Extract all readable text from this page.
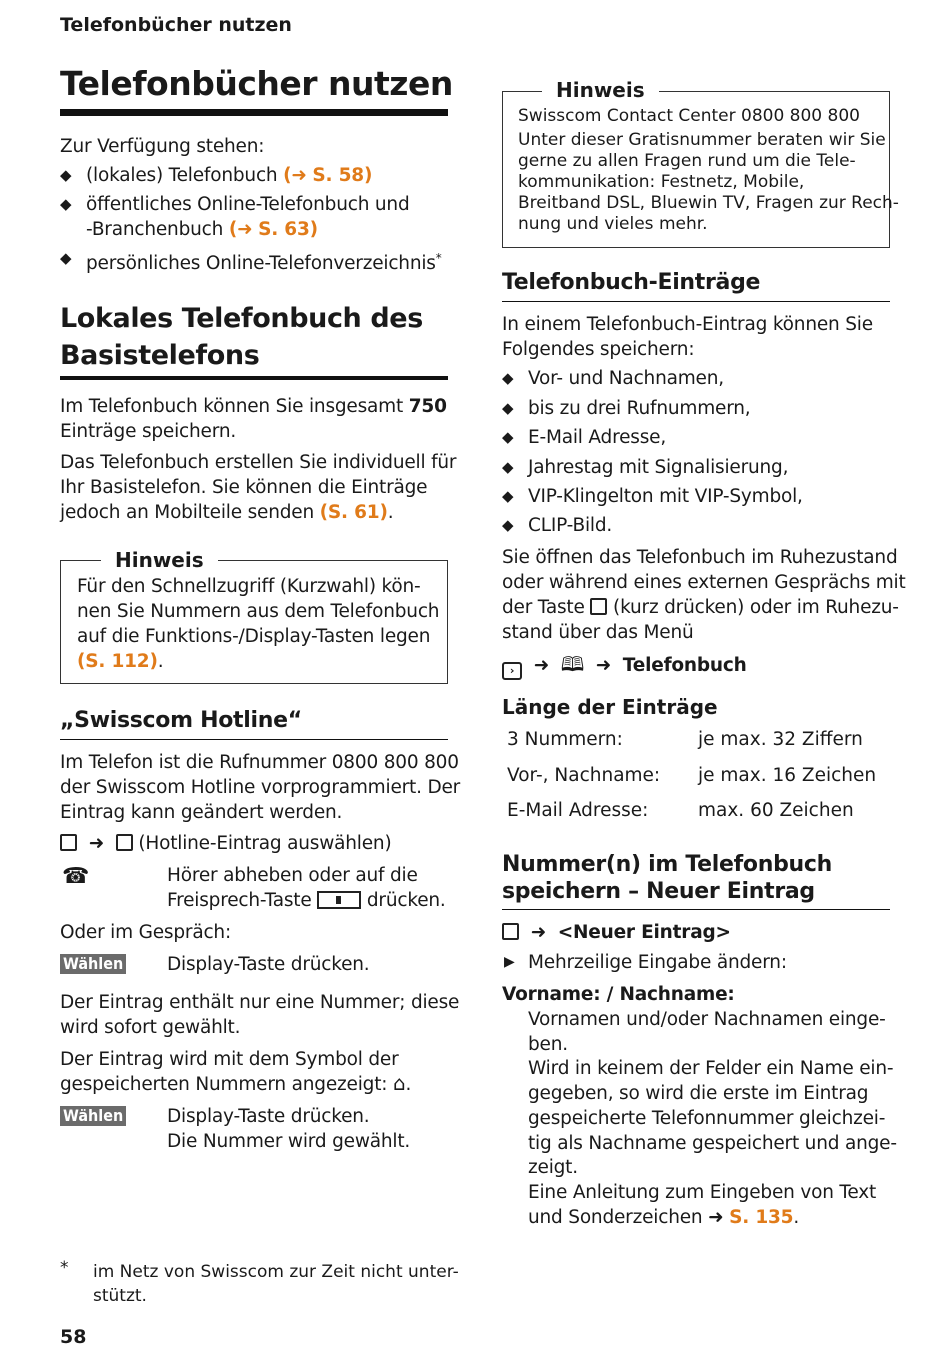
Telefonbücher nutzen
Telefonbücher nutzen
Zur Verfügung stehen:
◆ (lokales) Telefonbuch (➜ S. 58)
◆ öffentliches Online-Telefonbuch und
-Branchenbuch (➜ S. 63)
◆ persönliches Online-Telefonverzeichnis*
Lokales Telefonbuch des
Basistelefons
Im Telefonbuch können Sie insgesamt 750
Einträge speichern.
Das Telefonbuch erstellen Sie individuell für
Ihr Basistelefon. Sie können die Einträge
jedoch an Mobilteile senden (S. 61).
Hinweis
Für den Schnellzugriff (Kurzwahl) kön-
nen Sie Nummern aus dem Telefonbuch
auf die Funktions-/Display-Tasten legen
(S. 112).
„Swisscom Hotline“
Im Telefon ist die Rufnummer 0800 800 800
der Swisscom Hotline vorprogrammiert. Der
Eintrag kann geändert werden.
➜ (Hotline-Eintrag auswählen)
☎	Hörer abheben oder auf die
Freisprech-Taste	drücken.
Oder im Gespräch:
Wählen Display-Taste drücken.
Der Eintrag enthält nur eine Nummer; diese
wird sofort gewählt.
Der Eintrag wird mit dem Symbol der
gespeicherten Nummern angezeigt: ⌂.
Wählen Display-Taste drücken.
Die Nummer wird gewählt.
* im Netz von Swisscom zur Zeit nicht unter-
stützt.
58
Hinweis
Swisscom Contact Center 0800 800 800
Unter dieser Gratisnummer beraten wir Sie
gerne zu allen Fragen rund um die Tele-
kommunikation: Festnetz, Mobile,
Breitband DSL, Bluewin TV, Fragen zur Rech-
nung und vieles mehr.
Telefonbuch-Einträge
In einem Telefonbuch-Eintrag können Sie
Folgendes speichern:
◆ Vor- und Nachnamen,
◆ bis zu drei Rufnummern,
◆ E-Mail Adresse,
◆ Jahrestag mit Signalisierung,
◆ VIP-Klingelton mit VIP-Symbol,
◆ CLIP-Bild.
Sie öffnen das Telefonbuch im Ruhezustand
oder während eines externen Gesprächs mit
der Taste (kurz drücken) oder im Ruhezu-
stand über das Menü
› ➜ 🕮 ➜ Telefonbuch
Länge der Einträge
3 Nummern:	je max. 32 Ziffern
Vor-, Nachname:	je max. 16 Zeichen
E-Mail Adresse:	max. 60 Zeichen
Nummer(n) im Telefonbuch
speichern – Neuer Eintrag
➜ <Neuer Eintrag>
▶ Mehrzeilige Eingabe ändern:
Vorname: / Nachname:
Vornamen und/oder Nachnamen einge-
ben.
Wird in keinem der Felder ein Name ein-
gegeben, so wird die erste im Eintrag
gespeicherte Telefonnummer gleichzei-
tig als Nachname gespeichert und ange-
zeigt.
Eine Anleitung zum Eingeben von Text
und Sonderzeichen ➜ S. 135.
